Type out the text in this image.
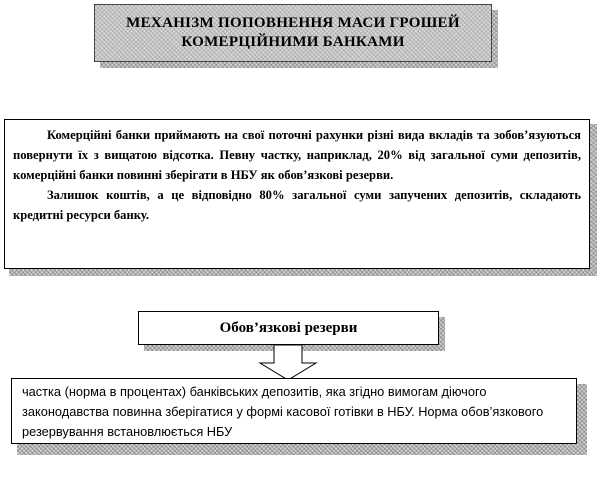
МЕХАНІЗМ ПОПОВНЕННЯ МАСИ ГРОШЕЙ
КОМЕРЦІЙНИМИ БАНКАМИ

Комерційні банки приймають на свої поточні рахунки різні вида вкладів та зобов’язуються повернути їх з вищатою відсотка. Певну частку, наприклад, 20% від загальної суми депозитів, комерційні банки повинні зберігати в НБУ як обов’язкові резерви.

Залишок коштів, а це відповідно 80% загальної суми запучених депозитів, складають кредитні ресурси банку.

Обов’язкові резерви
частка (норма в процентах) банківських депозитів, яка згідно вимогам діючого законодавства повинна зберігатися у формі касової готівки в НБУ. Норма обов’язкового резервування встановлюється НБУ
